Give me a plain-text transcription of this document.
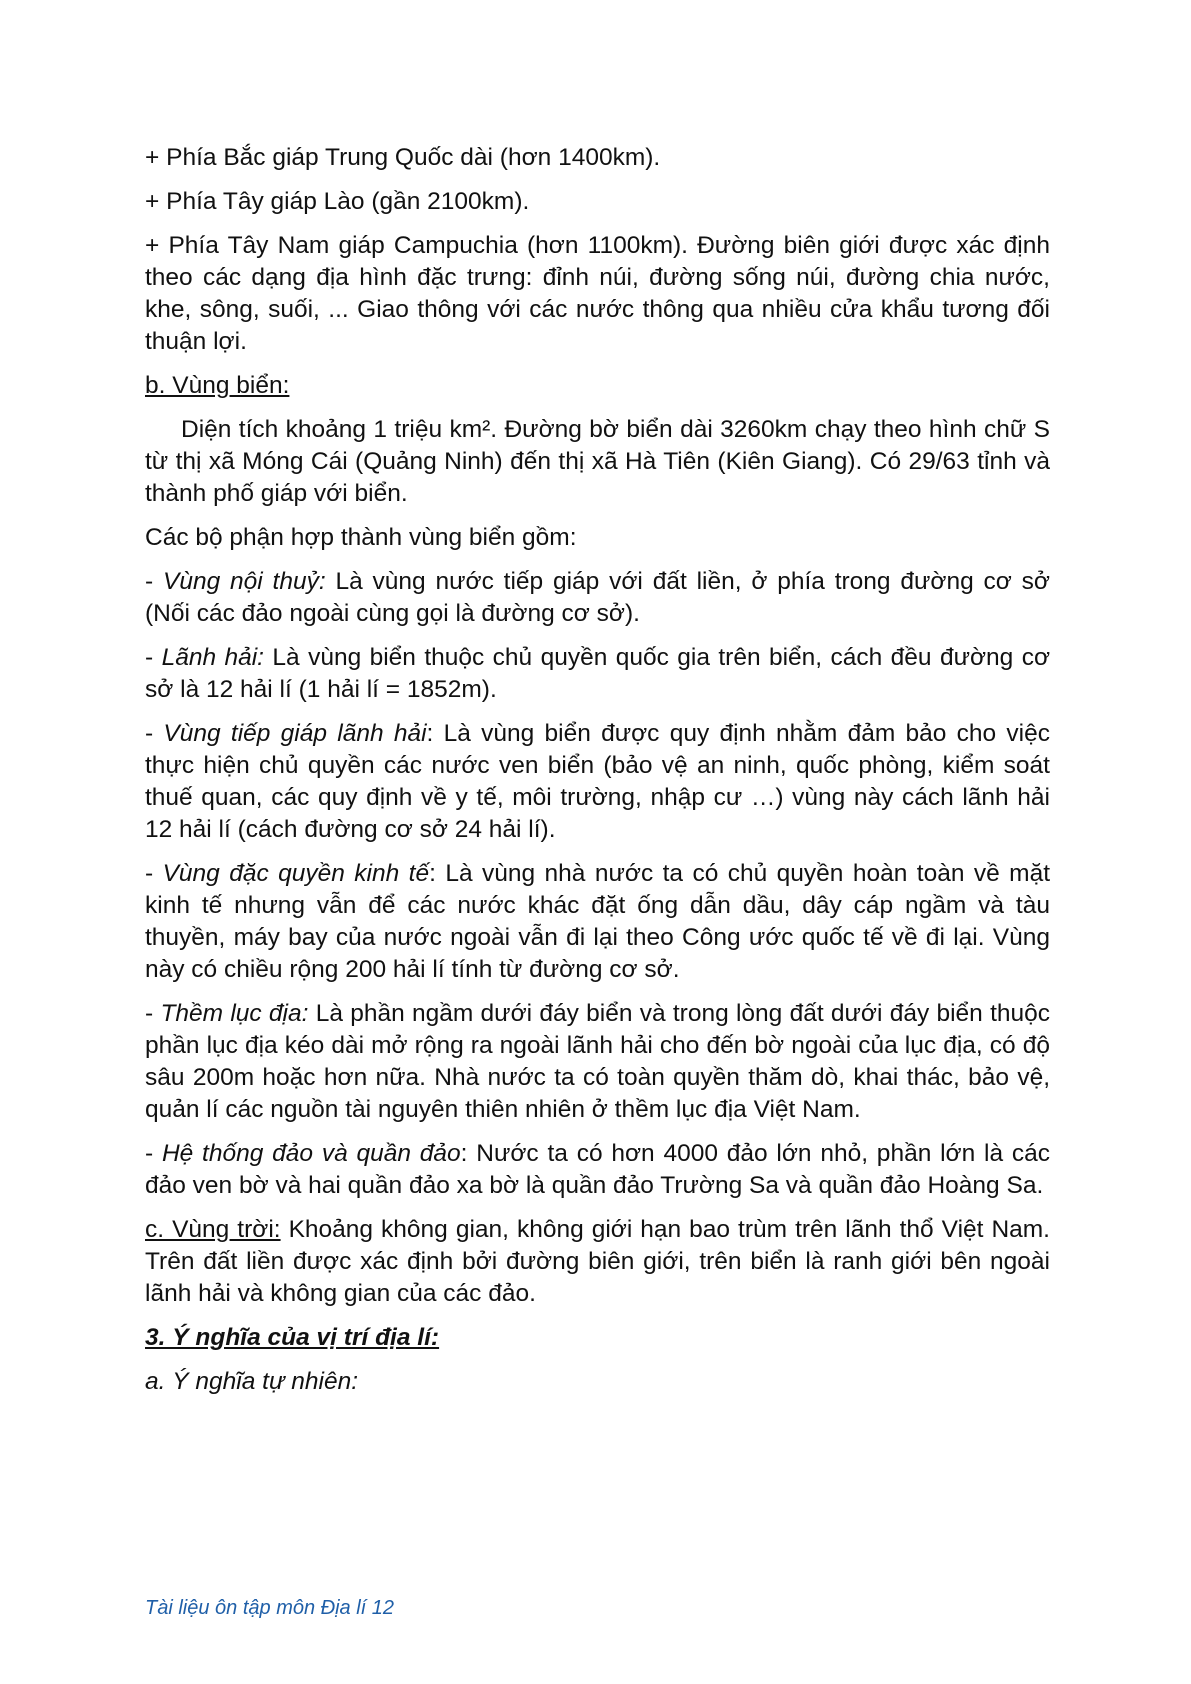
+ Phía Bắc giáp Trung Quốc dài (hơn 1400km).

+ Phía Tây giáp Lào (gần 2100km).

+ Phía Tây Nam giáp Campuchia (hơn 1100km). Đường biên giới được xác định theo các dạng địa hình đặc trưng: đỉnh núi, đường sống núi, đường chia nước, khe, sông, suối, ... Giao thông với các nước thông qua nhiều cửa khẩu tương đối thuận lợi.

b. Vùng biển:

Diện tích khoảng 1 triệu km². Đường bờ biển dài 3260km chạy theo hình chữ S từ thị xã Móng Cái (Quảng Ninh) đến thị xã Hà Tiên (Kiên Giang). Có 29/63 tỉnh và thành phố giáp với biển.

Các bộ phận hợp thành vùng biển gồm:

- Vùng nội thuỷ: Là vùng nước tiếp giáp với đất liền, ở phía trong đường cơ sở (Nối các đảo ngoài cùng gọi là đường cơ sở).

- Lãnh hải: Là vùng biển thuộc chủ quyền quốc gia trên biển, cách đều đường cơ sở là 12 hải lí (1 hải lí = 1852m).

- Vùng tiếp giáp lãnh hải: Là vùng biển được quy định nhằm đảm bảo cho việc thực hiện chủ quyền các nước ven biển (bảo vệ an ninh, quốc phòng, kiểm soát thuế quan, các quy định về y tế, môi trường, nhập cư …) vùng này cách lãnh hải 12 hải lí (cách đường cơ sở 24 hải lí).

- Vùng đặc quyền kinh tế: Là vùng nhà nước ta có chủ quyền hoàn toàn về mặt kinh tế nhưng vẫn để các nước khác đặt ống dẫn dầu, dây cáp ngầm và tàu thuyền, máy bay của nước ngoài vẫn đi lại theo Công ước quốc tế về đi lại. Vùng này có chiều rộng 200 hải lí tính từ đường cơ sở.

- Thềm lục địa: Là phần ngầm dưới đáy biển và trong lòng đất dưới đáy biển thuộc phần lục địa kéo dài mở rộng ra ngoài lãnh hải cho đến bờ ngoài của lục địa, có độ sâu 200m hoặc hơn nữa. Nhà nước ta có toàn quyền thăm dò, khai thác, bảo vệ, quản lí các nguồn tài nguyên thiên nhiên ở thềm lục địa Việt Nam.

- Hệ thống đảo và quần đảo: Nước ta có hơn 4000 đảo lớn nhỏ, phần lớn là các đảo ven bờ và hai quần đảo xa bờ là quần đảo Trường Sa và quần đảo Hoàng Sa.

c. Vùng trời: Khoảng không gian, không giới hạn bao trùm trên lãnh thổ Việt Nam. Trên đất liền được xác định bởi đường biên giới, trên biển là ranh giới bên ngoài lãnh hải và không gian của các đảo.

3. Ý nghĩa của vị trí địa lí:

a. Ý nghĩa tự nhiên:

Tài liệu ôn tập môn Địa lí 12
